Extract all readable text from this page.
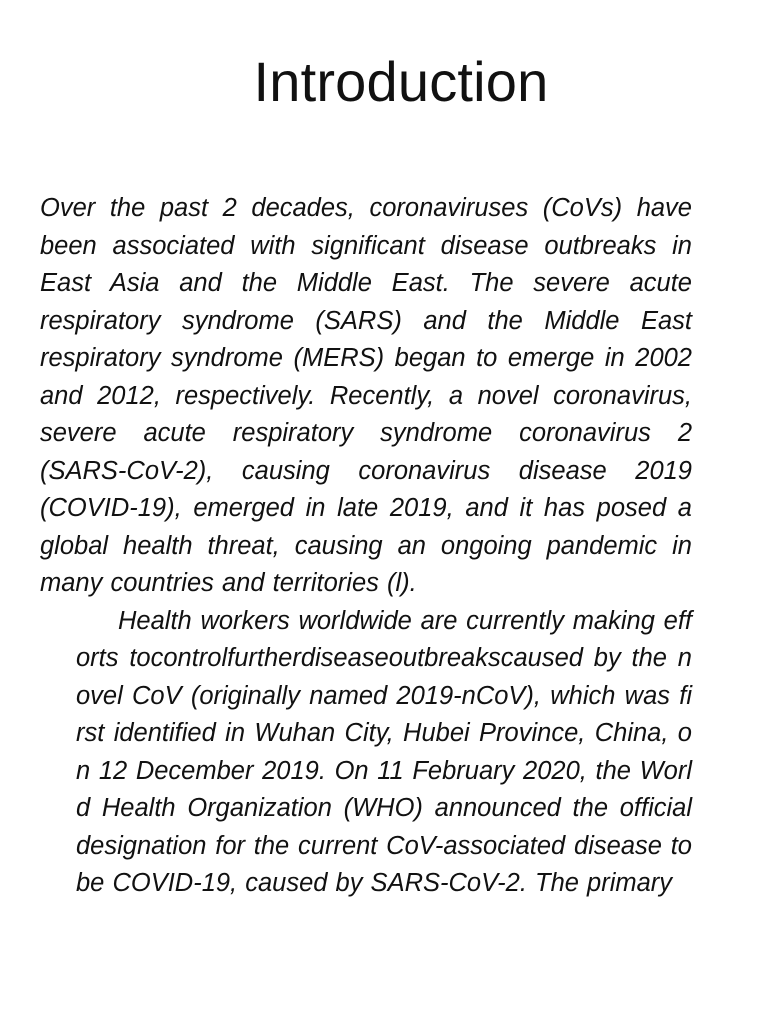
Introduction

Over the past 2 decades, coronaviruses (CoVs) have been associated with significant disease outbreaks in East Asia and the Middle East. The severe acute respiratory syndrome (SARS) and the Middle East respiratory syndrome (MERS) began to emerge in 2002 and 2012, respectively. Recently, a novel coronavirus, severe acute respiratory syndrome coronavirus 2 (SARS-CoV-2), causing coronavirus disease 2019 (COVID-19), emerged in late 2019, and it has posed a global health threat, causing an ongoing pandemic in many countries and territories (l).

Health workers worldwide are currently making efforts tocontrolfurtherdiseaseoutbreakscaused by the novel CoV (originally named 2019-nCoV), which was first identified in Wuhan City, Hubei Province, China, on 12 December 2019. On 11 February 2020, the World Health Organization (WHO) announced the official designation for the current CoV-associated disease to be COVID-19, caused by SARS-CoV-2. The primary
